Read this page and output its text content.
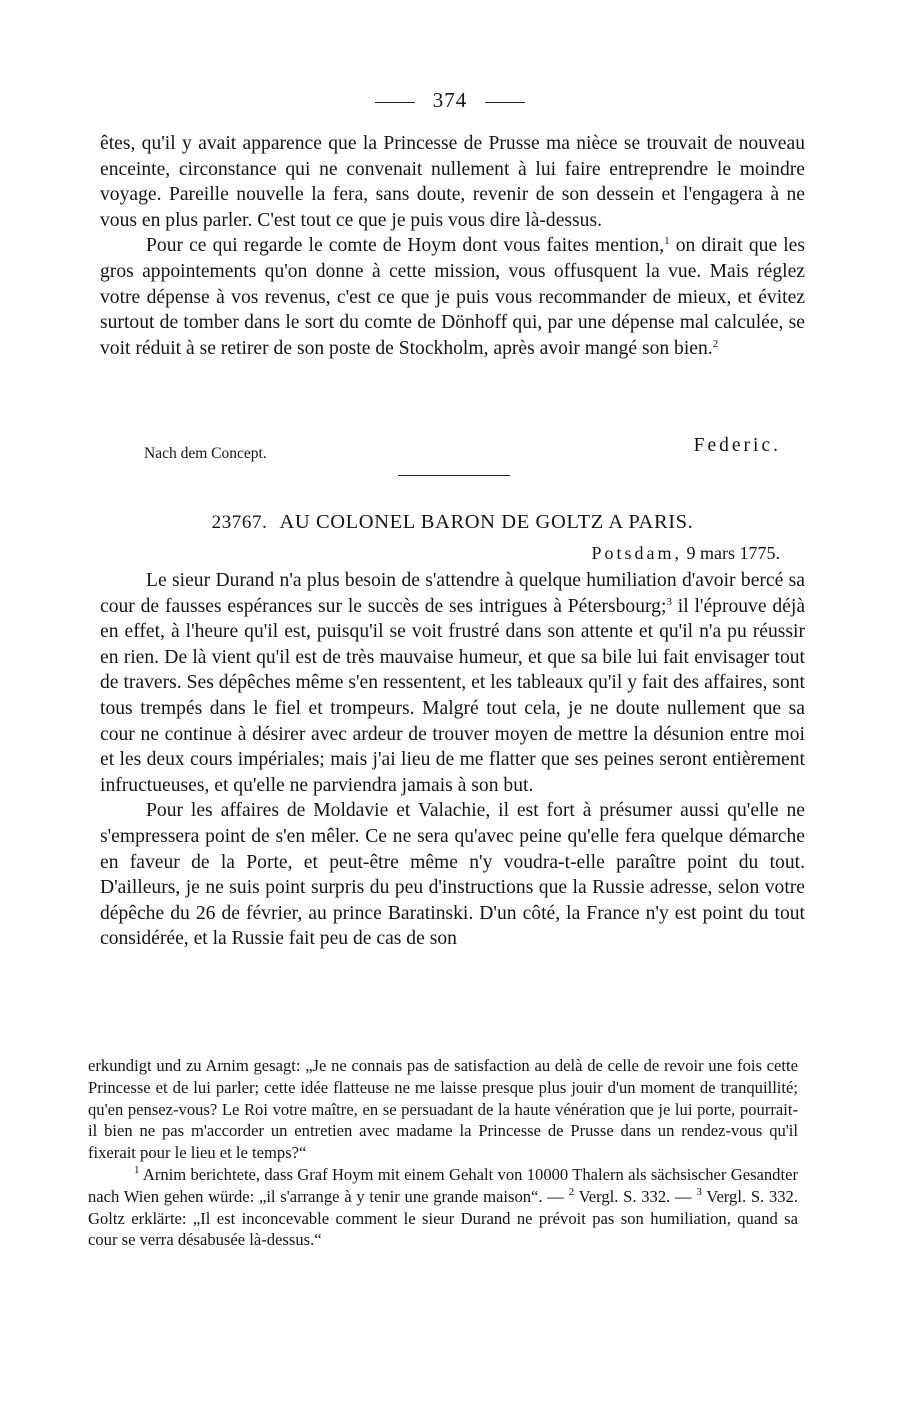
374

êtes, qu'il y avait apparence que la Princesse de Prusse ma nièce se trouvait de nouveau enceinte, circonstance qui ne convenait nullement à lui faire entreprendre le moindre voyage. Pareille nouvelle la fera, sans doute, revenir de son dessein et l'engagera à ne vous en plus parler. C'est tout ce que je puis vous dire là-dessus.

Pour ce qui regarde le comte de Hoym dont vous faites mention,$^1$ on dirait que les gros appointements qu'on donne à cette mission, vous offusquent la vue. Mais réglez votre dépense à vos revenus, c'est ce que je puis vous recommander de mieux, et évitez surtout de tomber dans le sort du comte de Dönhoff qui, par une dépense mal calculée, se voit réduit à se retirer de son poste de Stockholm, après avoir mangé son bien.$^2$

Nach dem Concept.	Federic.
23767. AU COLONEL BARON DE GOLTZ A PARIS.
Potsdam, 9 mars 1775.

Le sieur Durand n'a plus besoin de s'attendre à quelque humiliation d'avoir bercé sa cour de fausses espérances sur le succès de ses intrigues à Pétersbourg;$^3$ il l'éprouve déjà en effet, à l'heure qu'il est, puisqu'il se voit frustré dans son attente et qu'il n'a pu réussir en rien. De là vient qu'il est de très mauvaise humeur, et que sa bile lui fait envisager tout de travers. Ses dépêches même s'en ressentent, et les tableaux qu'il y fait des affaires, sont tous trempés dans le fiel et trompeurs. Malgré tout cela, je ne doute nullement que sa cour ne continue à désirer avec ardeur de trouver moyen de mettre la désunion entre moi et les deux cours impériales; mais j'ai lieu de me flatter que ses peines seront entièrement infructueuses, et qu'elle ne parviendra jamais à son but.

Pour les affaires de Moldavie et Valachie, il est fort à présumer aussi qu'elle ne s'empressera point de s'en mêler. Ce ne sera qu'avec peine qu'elle fera quelque démarche en faveur de la Porte, et peut-être même n'y voudra-t-elle paraître point du tout. D'ailleurs, je ne suis point surpris du peu d'instructions que la Russie adresse, selon votre dépêche du 26 de février, au prince Baratinski. D'un côté, la France n'y est point du tout considérée, et la Russie fait peu de cas de son

erkundigt und zu Arnim gesagt: „Je ne connais pas de satisfaction au delà de celle de revoir une fois cette Princesse et de lui parler; cette idée flatteuse ne me laisse presque plus jouir d'un moment de tranquillité; qu'en pensez-vous? Le Roi votre maître, en se persuadant de la haute vénération que je lui porte, pourrait-il bien ne pas m'accorder un entretien avec madame la Princesse de Prusse dans un rendez-vous qu'il fixerait pour le lieu et le temps?“

$^1$ Arnim berichtete, dass Graf Hoym mit einem Gehalt von 10000 Thalern als sächsischer Gesandter nach Wien gehen würde: „il s'arrange à y tenir une grande maison“. — $^2$ Vergl. S. 332. — $^3$ Vergl. S. 332. Goltz erklärte: „Il est inconcevable comment le sieur Durand ne prévoit pas son humiliation, quand sa cour se verra désabusée là-dessus.“
